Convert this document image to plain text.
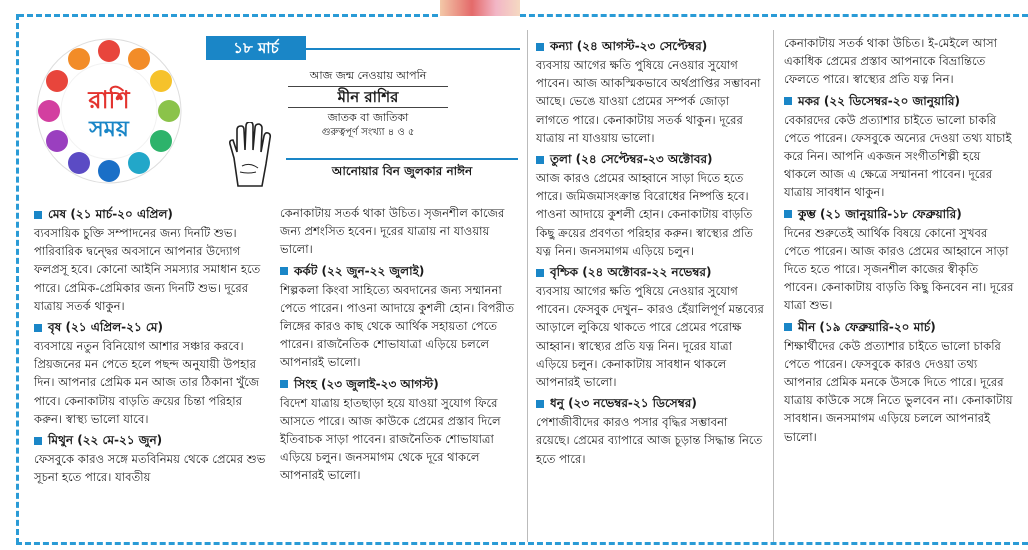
রাশি
সময়
১৮ মার্চ
আজ জন্ম নেওয়ায় আপনি
মীন রাশির
জাতক বা জাতিকা
গুরুত্বপূর্ণ সংখ্যা ৪ ও ৫
আনোয়ার বিন জুলকার নাঈন
মেষ (২১ মার্চ-২০ এপ্রিল)

ব্যবসায়িক চুক্তি সম্পাদনের জন্য দিনটি শুভ। পারিবারিক দ্বন্দ্বের অবসানে আপনার উদ্যোগ ফলপ্রসূ হবে। কোনো আইনি সমস্যার সমাধান হতে পারে। প্রেমিক-প্রেমিকার জন্য দিনটি শুভ। দূরের যাত্রায় সতর্ক থাকুন।

বৃষ (২১ এপ্রিল-২১ মে)

ব্যবসায়ে নতুন বিনিয়োগ আশার সঞ্চার করবে। প্রিয়জনের মন পেতে হলে পছন্দ অনুযায়ী উপহার দিন। আপনার প্রেমিক মন আজ তার ঠিকানা খুঁজে পাবে। কেনাকাটায় বাড়তি ক্রয়ের চিন্তা পরিহার করুন। স্বাস্থ্য ভালো যাবে।

মিথুন (২২ মে-২১ জুন)

ফেসবুকে কারও সঙ্গে মতবিনিময় থেকে প্রেমের শুভ সূচনা হতে পারে। যাবতীয়

কেনাকাটায় সতর্ক থাকা উচিত। সৃজনশীল কাজের জন্য প্রশংসিত হবেন। দূরের যাত্রায় না যাওয়ায় ভালো।

কর্কট (২২ জুন-২২ জুলাই)

শিল্পকলা কিংবা সাহিত্যে অবদানের জন্য সম্মাননা পেতে পারেন। পাওনা আদায়ে কুশলী হোন। বিপরীত লিঙ্গের কারও কাছ থেকে আর্থিক সহায়তা পেতে পারেন। রাজনৈতিক শোভাযাত্রা এড়িয়ে চললে আপনারই ভালো।

সিংহ (২৩ জুলাই-২৩ আগস্ট)

বিদেশ যাত্রায় হাতছাড়া হয়ে যাওয়া সুযোগ ফিরে আসতে পারে। আজ কাউকে প্রেমের প্রস্তাব দিলে ইতিবাচক সাড়া পাবেন। রাজনৈতিক শোভাযাত্রা এড়িয়ে চলুন। জনসমাগম থেকে দূরে থাকলে আপনারই ভালো।

কন্যা (২৪ আগস্ট-২৩ সেপ্টেম্বর)

ব্যবসায় আগের ক্ষতি পুষিয়ে নেওয়ার সুযোগ পাবেন। আজ আকস্মিকভাবে অর্থপ্রাপ্তির সম্ভাবনা আছে। ভেঙে যাওয়া প্রেমের সম্পর্ক জোড়া লাগতে পারে। কেনাকাটায় সতর্ক থাকুন। দূরের যাত্রায় না যাওয়ায় ভালো।

তুলা (২৪ সেপ্টেম্বর-২৩ অক্টোবর)

আজ কারও প্রেমের আহ্বানে সাড়া দিতে হতে পারে। জমিজমাসংক্রান্ত বিরোধের নিষ্পত্তি হবে। পাওনা আদায়ে কুশলী হোন। কেনাকাটায় বাড়তি কিছু ক্রয়ের প্রবণতা পরিহার করুন। স্বাস্থ্যের প্রতি যত্ন নিন। জনসমাগম এড়িয়ে চলুন।

বৃশ্চিক (২৪ অক্টোবর-২২ নভেম্বর)

ব্যবসায় আগের ক্ষতি পুষিয়ে নেওয়ার সুযোগ পাবেন। ফেসবুক দেখুন– কারও হেঁয়ালিপূর্ণ মন্তব্যের আড়ালে লুকিয়ে থাকতে পারে প্রেমের পরোক্ষ আহ্বান। স্বাস্থ্যের প্রতি যত্ন নিন। দূরের যাত্রা এড়িয়ে চলুন। কেনাকাটায় সাবধান থাকলে আপনারই ভালো।

ধনু (২৩ নভেম্বর-২১ ডিসেম্বর)

পেশাজীবীদের কারও পসার বৃদ্ধির সম্ভাবনা রয়েছে। প্রেমের ব্যাপারে আজ চূড়ান্ত সিদ্ধান্ত নিতে হতে পারে।

কেনাকাটায় সতর্ক থাকা উচিত। ই-মেইলে আসা একাধিক প্রেমের প্রস্তাব আপনাকে বিভ্রান্তিতে ফেলতে পারে। স্বাস্থ্যের প্রতি যত্ন নিন।

মকর (২২ ডিসেম্বর-২০ জানুয়ারি)

বেকারদের কেউ প্রত্যাশার চাইতে ভালো চাকরি পেতে পারেন। ফেসবুকে অন্যের দেওয়া তথ্য যাচাই করে নিন। আপনি একজন সংগীতশিল্পী হয়ে থাকলে আজ এ ক্ষেত্রে সম্মাননা পাবেন। দূরের যাত্রায় সাবধান থাকুন।

কুম্ভ (২১ জানুয়ারি-১৮ ফেব্রুয়ারি)

দিনের শুরুতেই আর্থিক বিষয়ে কোনো সুখবর পেতে পারেন। আজ কারও প্রেমের আহ্বানে সাড়া দিতে হতে পারে। সৃজনশীল কাজের স্বীকৃতি পাবেন। কেনাকাটায় বাড়তি কিছু কিনবেন না। দূরের যাত্রা শুভ।

মীন (১৯ ফেব্রুয়ারি-২০ মার্চ)

শিক্ষার্থীদের কেউ প্রত্যাশার চাইতে ভালো চাকরি পেতে পারেন। ফেসবুকে কারও দেওয়া তথ্য আপনার প্রেমিক মনকে উসকে দিতে পারে। দূরের যাত্রায় কাউকে সঙ্গে নিতে ভুলবেন না। কেনাকাটায় সাবধান। জনসমাগম এড়িয়ে চললে আপনারই ভালো।
